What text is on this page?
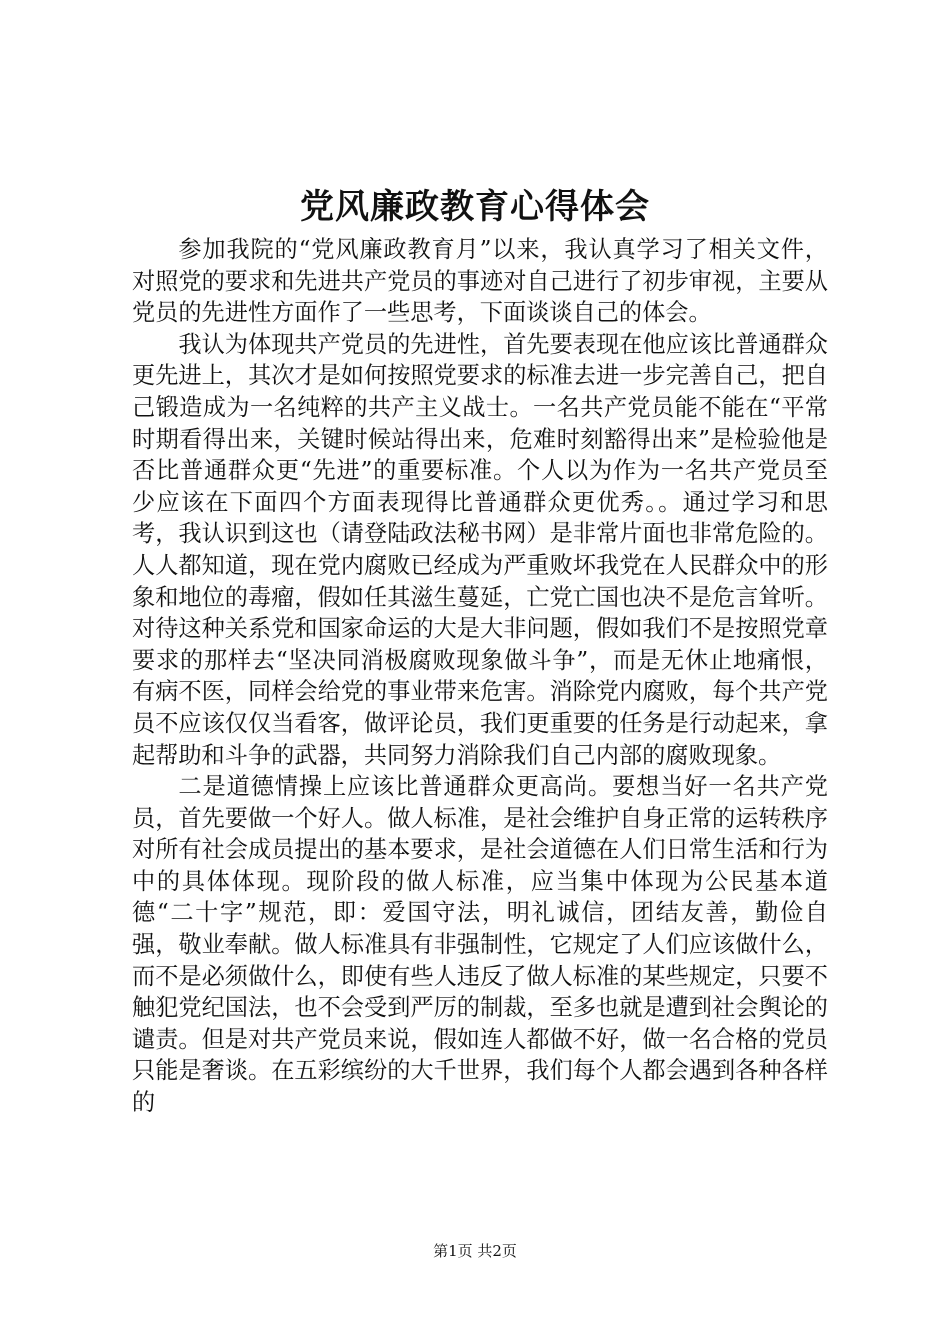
党风廉政教育心得体会

参加我院的“党风廉政教育月”以来，我认真学习了相关文件，对照党的要求和先进共产党员的事迹对自己进行了初步审视，主要从党员的先进性方面作了一些思考，下面谈谈自己的体会。

我认为体现共产党员的先进性，首先要表现在他应该比普通群众更先进上，其次才是如何按照党要求的标准去进一步完善自己，把自己锻造成为一名纯粹的共产主义战士。一名共产党员能不能在“平常时期看得出来，关键时候站得出来，危难时刻豁得出来”是检验他是否比普通群众更“先进”的重要标准。个人以为作为一名共产党员至少应该在下面四个方面表现得比普通群众更优秀。。通过学习和思考，我认识到这也（请登陆政法秘书网）是非常片面也非常危险的。人人都知道，现在党内腐败已经成为严重败坏我党在人民群众中的形象和地位的毒瘤，假如任其滋生蔓延，亡党亡国也决不是危言耸听。对待这种关系党和国家命运的大是大非问题，假如我们不是按照党章要求的那样去“坚决同消极腐败现象做斗争”，而是无休止地痛恨，有病不医，同样会给党的事业带来危害。消除党内腐败，每个共产党员不应该仅仅当看客，做评论员，我们更重要的任务是行动起来，拿起帮助和斗争的武器，共同努力消除我们自己内部的腐败现象。

二是道德情操上应该比普通群众更高尚。要想当好一名共产党员，首先要做一个好人。做人标准，是社会维护自身正常的运转秩序对所有社会成员提出的基本要求，是社会道德在人们日常生活和行为中的具体体现。现阶段的做人标准，应当集中体现为公民基本道德“二十字”规范，即：爱国守法，明礼诚信，团结友善，勤俭自强，敬业奉献。做人标准具有非强制性，它规定了人们应该做什么，而不是必须做什么，即使有些人违反了做人标准的某些规定，只要不触犯党纪国法，也不会受到严厉的制裁，至多也就是遭到社会舆论的谴责。但是对共产党员来说，假如连人都做不好，做一名合格的党员只能是奢谈。在五彩缤纷的大千世界，我们每个人都会遇到各种各样的

第1页 共2页
